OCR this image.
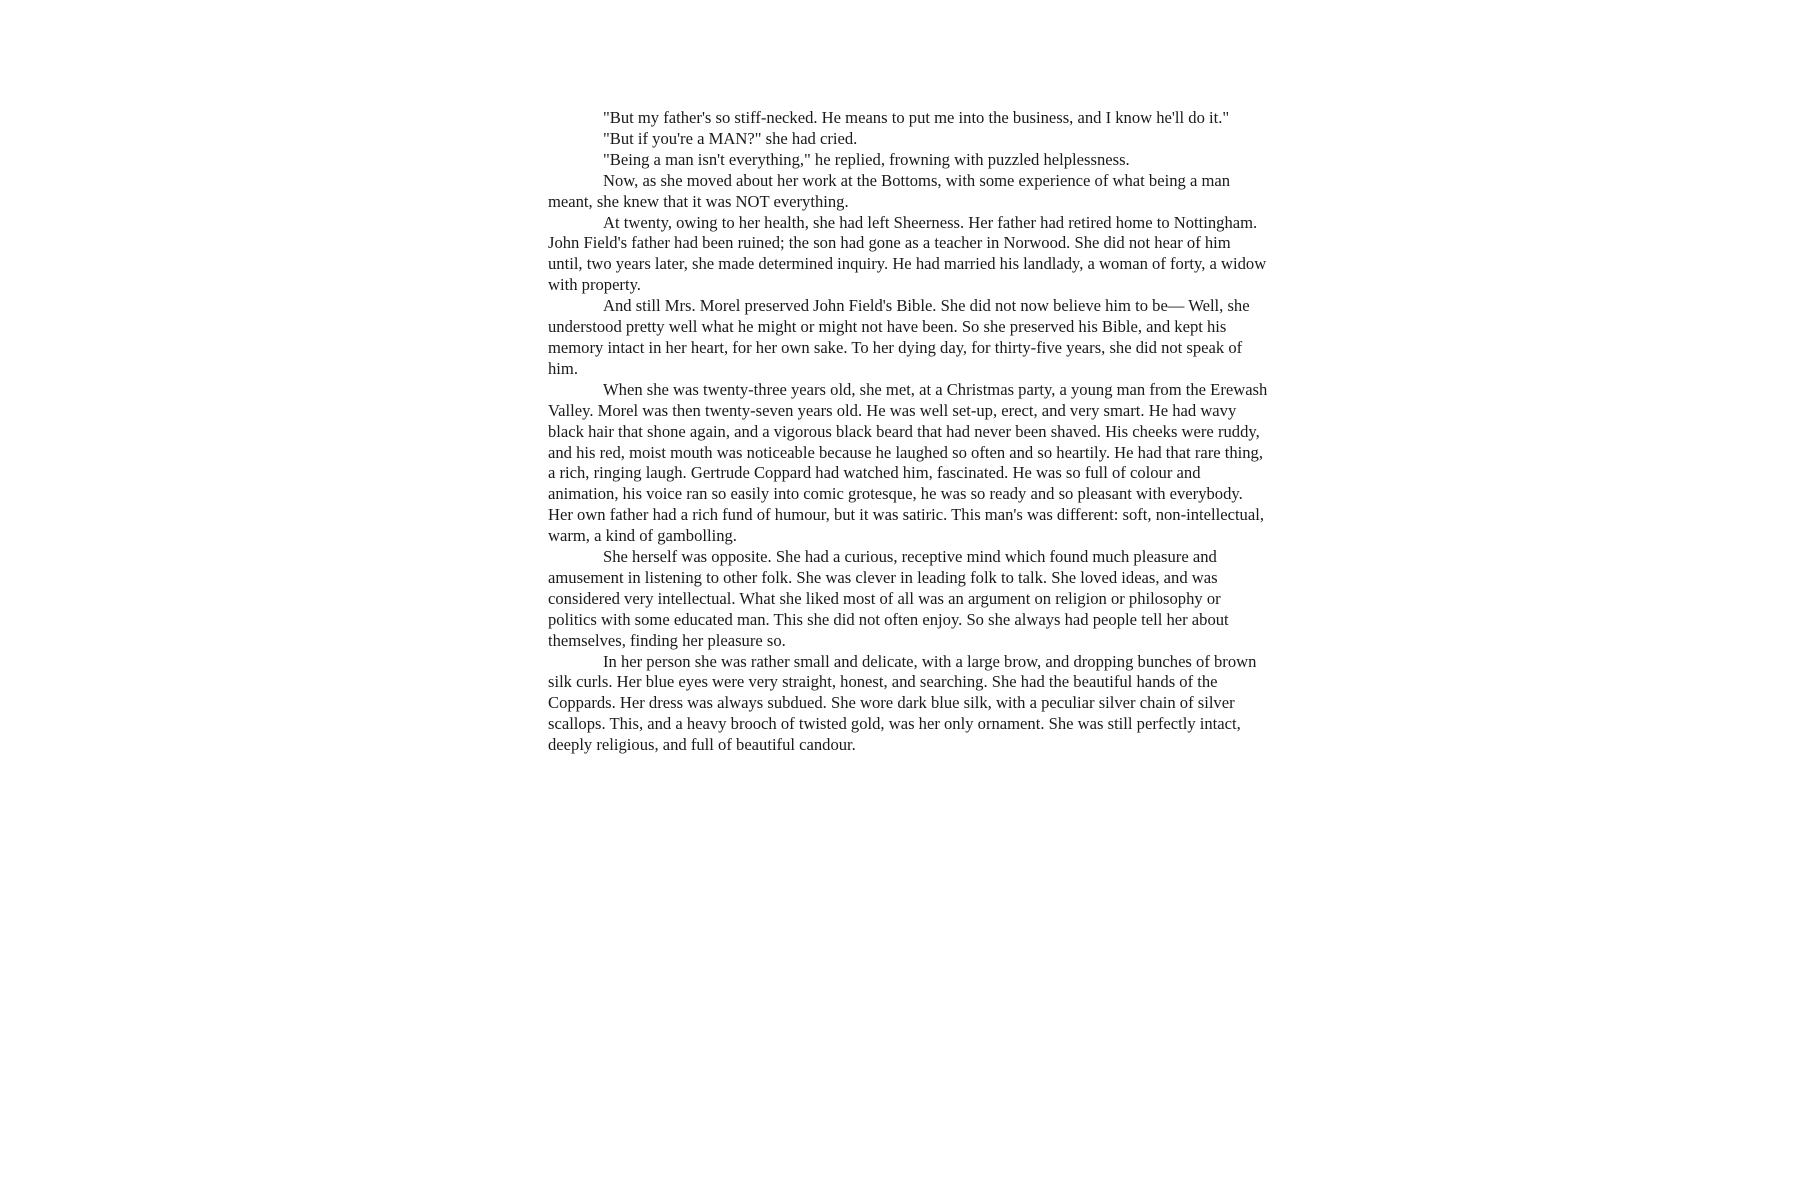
"But my father's so stiff-necked. He means to put me into the business, and I know he'll do it."

"But if you're a MAN?" she had cried.

"Being a man isn't everything," he replied, frowning with puzzled helplessness.

Now, as she moved about her work at the Bottoms, with some experience of what being a man meant, she knew that it was NOT everything.

At twenty, owing to her health, she had left Sheerness. Her father had retired home to Nottingham. John Field's father had been ruined; the son had gone as a teacher in Norwood. She did not hear of him until, two years later, she made determined inquiry. He had married his landlady, a woman of forty, a widow with property.

And still Mrs. Morel preserved John Field's Bible. She did not now believe him to be— Well, she understood pretty well what he might or might not have been. So she preserved his Bible, and kept his memory intact in her heart, for her own sake. To her dying day, for thirty-five years, she did not speak of him.

When she was twenty-three years old, she met, at a Christmas party, a young man from the Erewash Valley. Morel was then twenty-seven years old. He was well set-up, erect, and very smart. He had wavy black hair that shone again, and a vigorous black beard that had never been shaved. His cheeks were ruddy, and his red, moist mouth was noticeable because he laughed so often and so heartily. He had that rare thing, a rich, ringing laugh. Gertrude Coppard had watched him, fascinated. He was so full of colour and animation, his voice ran so easily into comic grotesque, he was so ready and so pleasant with everybody. Her own father had a rich fund of humour, but it was satiric. This man's was different: soft, non-intellectual, warm, a kind of gambolling.

She herself was opposite. She had a curious, receptive mind which found much pleasure and amusement in listening to other folk. She was clever in leading folk to talk. She loved ideas, and was considered very intellectual. What she liked most of all was an argument on religion or philosophy or politics with some educated man. This she did not often enjoy. So she always had people tell her about themselves, finding her pleasure so.

In her person she was rather small and delicate, with a large brow, and dropping bunches of brown silk curls. Her blue eyes were very straight, honest, and searching. She had the beautiful hands of the Coppards. Her dress was always subdued. She wore dark blue silk, with a peculiar silver chain of silver scallops. This, and a heavy brooch of twisted gold, was her only ornament. She was still perfectly intact, deeply religious, and full of beautiful candour.
